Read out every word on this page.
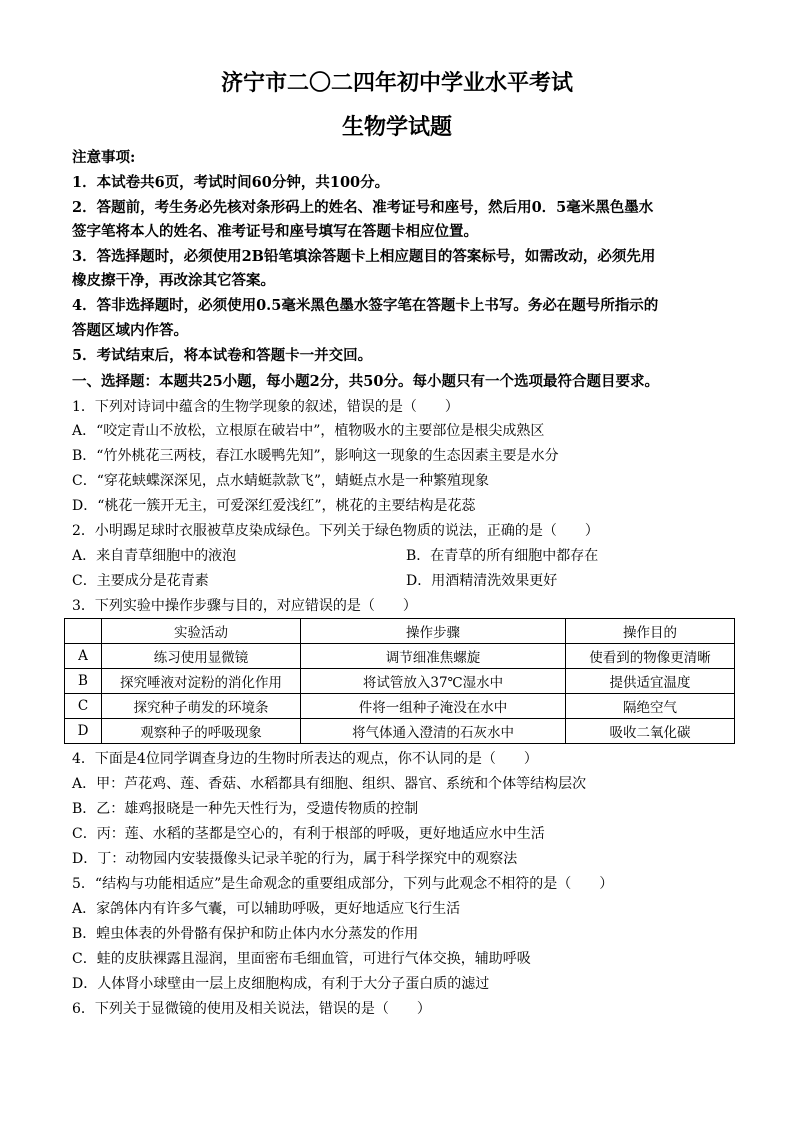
济宁市二〇二四年初中学业水平考试
生物学试题
注意事项:
1．本试卷共6页，考试时间60分钟，共100分。
2．答题前，考生务必先核对条形码上的姓名、准考证号和座号，然后用0．5毫米黑色墨水
签字笔将本人的姓名、准考证号和座号填写在答题卡相应位置。
3．答选择题时，必须使用2B铅笔填涂答题卡上相应题目的答案标号，如需改动，必须先用
橡皮擦干净，再改涂其它答案。
4．答非选择题时，必须使用0.5毫米黑色墨水签字笔在答题卡上书写。务必在题号所指示的
答题区域内作答。
5．考试结束后，将本试卷和答题卡一并交回。
一、选择题：本题共25小题，每小题2分，共50分。每小题只有一个选项最符合题目要求。
1．下列对诗词中蕴含的生物学现象的叙述，错误的是（　　）
A．“咬定青山不放松，立根原在破岩中”，植物吸水的主要部位是根尖成熟区
B．“竹外桃花三两枝，春江水暖鸭先知”，影响这一现象的生态因素主要是水分
C．“穿花蛱蝶深深见，点水蜻蜓款款飞”，蜻蜓点水是一种繁殖现象
D．“桃花一簇开无主，可爱深红爱浅红”，桃花的主要结构是花蕊
2．小明踢足球时衣服被草皮染成绿色。下列关于绿色物质的说法，正确的是（　　）
A．来自青草细胞中的液泡	B．在青草的所有细胞中都存在
C．主要成分是花青素	D．用酒精清洗效果更好
3．下列实验中操作步骤与目的，对应错误的是（　　）
	实验活动	操作步骤	操作目的
A	练习使用显微镜	调节细准焦螺旋	使看到的物像更清晰
B	探究唾液对淀粉的消化作用	将试管放入37℃湿水中	提供适宜温度
C	探究种子萌发的环境条	件将一组种子淹没在水中	隔绝空气
D	观察种子的呼吸现象	将气体通入澄清的石灰水中	吸收二氧化碳
4．下面是4位同学调查身边的生物时所表达的观点，你不认同的是（　　）
A．甲：芦花鸡、莲、香菇、水稻都具有细胞、组织、器官、系统和个体等结构层次
B．乙：雄鸡报晓是一种先天性行为，受遗传物质的控制
C．丙：莲、水稻的茎都是空心的，有利于根部的呼吸，更好地适应水中生活
D．丁：动物园内安装摄像头记录羊驼的行为，属于科学探究中的观察法
5．“结构与功能相适应”是生命观念的重要组成部分，下列与此观念不相符的是（　　）
A．家鸽体内有许多气囊，可以辅助呼吸，更好地适应飞行生活
B．蝗虫体表的外骨骼有保护和防止体内水分蒸发的作用
C．蛙的皮肤裸露且湿润，里面密布毛细血管，可进行气体交换，辅助呼吸
D．人体肾小球壁由一层上皮细胞构成，有利于大分子蛋白质的滤过
6．下列关于显微镜的使用及相关说法，错误的是（　　）
